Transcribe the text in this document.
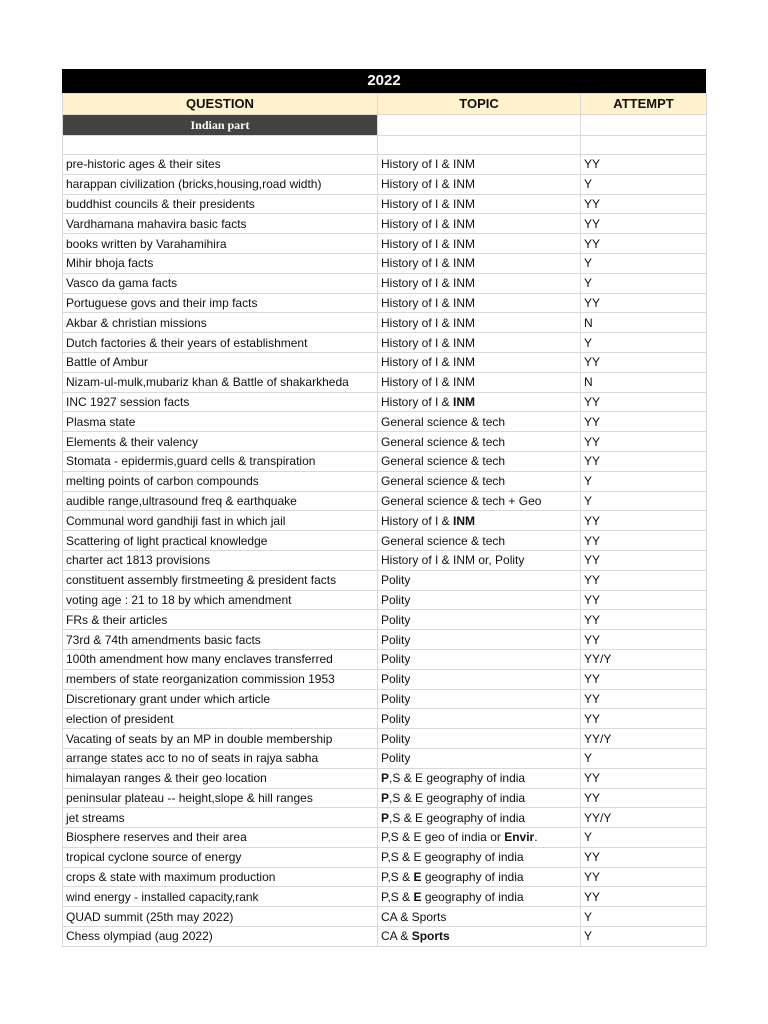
2022
QUESTION	TOPIC	ATTEMPT
Indian part		

pre-historic ages & their sites	History of I & INM	YY
harappan civilization (bricks,housing,road width)	History of I & INM	Y
buddhist councils & their presidents	History of I & INM	YY
Vardhamana mahavira basic facts	History of I & INM	YY
books written by Varahamihira	History of I & INM	YY
Mihir bhoja facts	History of I & INM	Y
Vasco da gama facts	History of I & INM	Y
Portuguese govs and their imp facts	History of I & INM	YY
Akbar & christian missions	History of I & INM	N
Dutch factories & their years of establishment	History of I & INM	Y
Battle of Ambur	History of I & INM	YY
Nizam-ul-mulk,mubariz khan & Battle of shakarkheda	History of I & INM	N
INC 1927 session facts	History of I & INM	YY
Plasma state	General science & tech	YY
Elements & their valency	General science & tech	YY
Stomata - epidermis,guard cells & transpiration	General science & tech	YY
melting points of carbon compounds	General science & tech	Y
audible range,ultrasound freq & earthquake	General science & tech + Geo	Y
Communal word gandhiji fast in which jail	History of I & INM	YY
Scattering of light practical knowledge	General science & tech	YY
charter act 1813 provisions	History of I & INM or, Polity	YY
constituent assembly firstmeeting & president facts	Polity	YY
voting age : 21 to 18 by which amendment	Polity	YY
FRs & their articles	Polity	YY
73rd & 74th amendments basic facts	Polity	YY
100th amendment how many enclaves transferred	Polity	YY/Y
members of state reorganization commission 1953	Polity	YY
Discretionary grant under which article	Polity	YY
election of president	Polity	YY
Vacating of seats by an MP in double membership	Polity	YY/Y
arrange states acc to no of seats in rajya sabha	Polity	Y
himalayan ranges & their geo location	P,S & E geography of india	YY
peninsular plateau -- height,slope & hill ranges	P,S & E geography of india	YY
jet streams	P,S & E geography of india	YY/Y
Biosphere reserves and their area	P,S & E geo of india or Envir.	Y
tropical cyclone source of energy	P,S & E geography of india	YY
crops & state with maximum production	P,S & E geography of india	YY
wind energy - installed capacity,rank	P,S & E geography of india	YY
QUAD summit (25th may 2022)	CA & Sports	Y
Chess olympiad (aug 2022)	CA & Sports	Y
